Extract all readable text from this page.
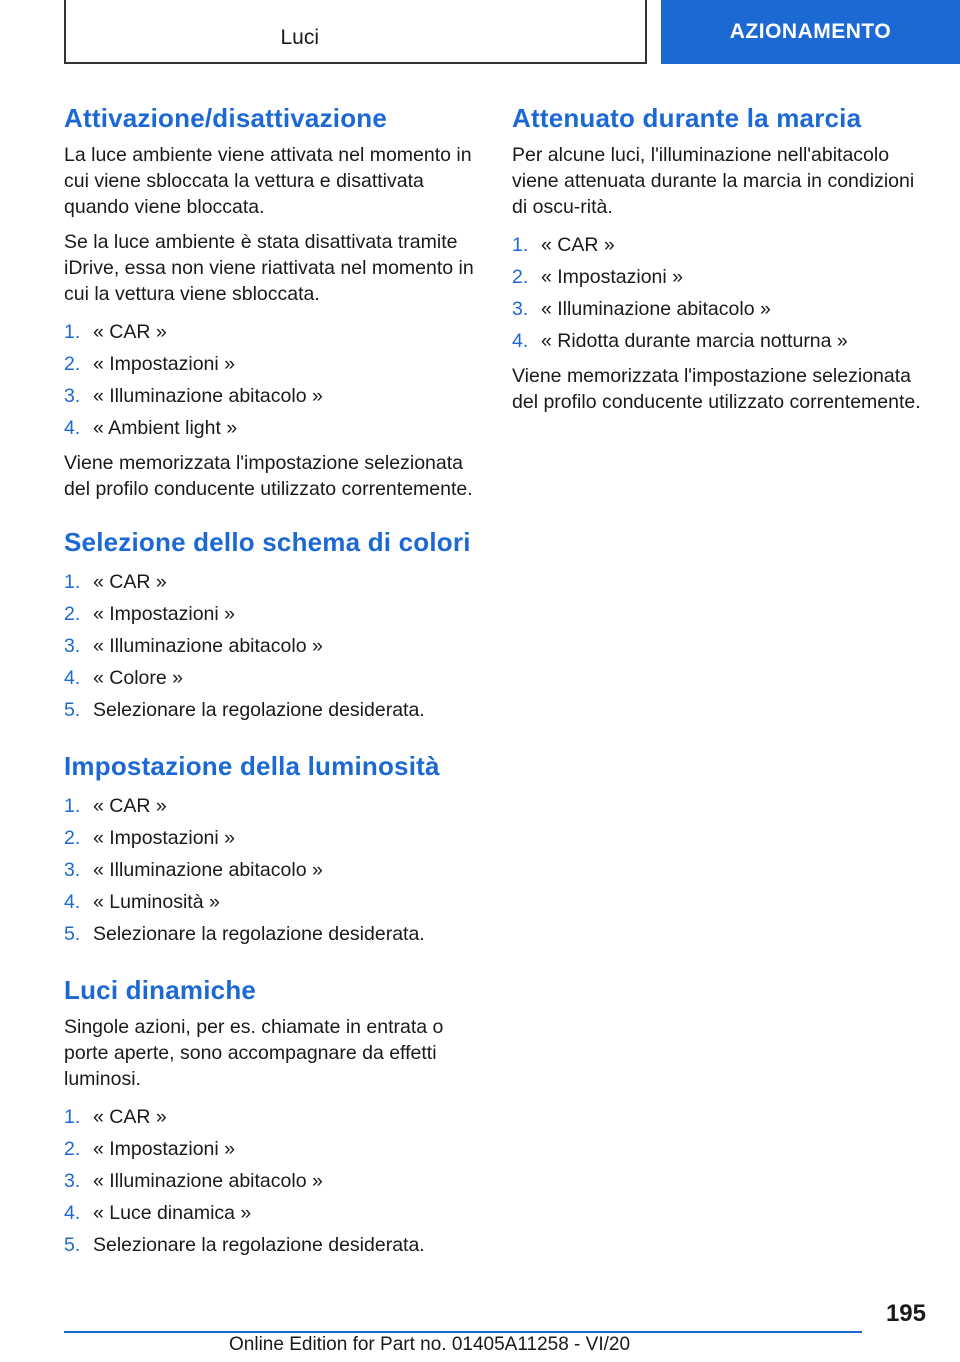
Luci	AZIONAMENTO
Attivazione/disattivazione

La luce ambiente viene attivata nel momento in cui viene sbloccata la vettura e disattivata quando viene bloccata.

Se la luce ambiente è stata disattivata tramite iDrive, essa non viene riattivata nel momento in cui la vettura viene sbloccata.

1. « CAR »
2. « Impostazioni »
3. « Illuminazione abitacolo »
4. « Ambient light »

Viene memorizzata l'impostazione selezionata del profilo conducente utilizzato correntemente.

Selezione dello schema di colori
1. « CAR »
2. « Impostazioni »
3. « Illuminazione abitacolo »
4. « Colore »
5. Selezionare la regolazione desiderata.
Impostazione della luminosità
1. « CAR »
2. « Impostazioni »
3. « Illuminazione abitacolo »
4. « Luminosità »
5. Selezionare la regolazione desiderata.
Luci dinamiche

Singole azioni, per es. chiamate in entrata o porte aperte, sono accompagnare da effetti luminosi.

1. « CAR »
2. « Impostazioni »
3. « Illuminazione abitacolo »
4. « Luce dinamica »
5. Selezionare la regolazione desiderata.
Attenuato durante la marcia

Per alcune luci, l'illuminazione nell'abitacolo viene attenuata durante la marcia in condizioni di oscu-rità.

1. « CAR »
2. « Impostazioni »
3. « Illuminazione abitacolo »
4. « Ridotta durante marcia notturna »

Viene memorizzata l'impostazione selezionata del profilo conducente utilizzato correntemente.

195
Online Edition for Part no. 01405A11258 - VI/20
